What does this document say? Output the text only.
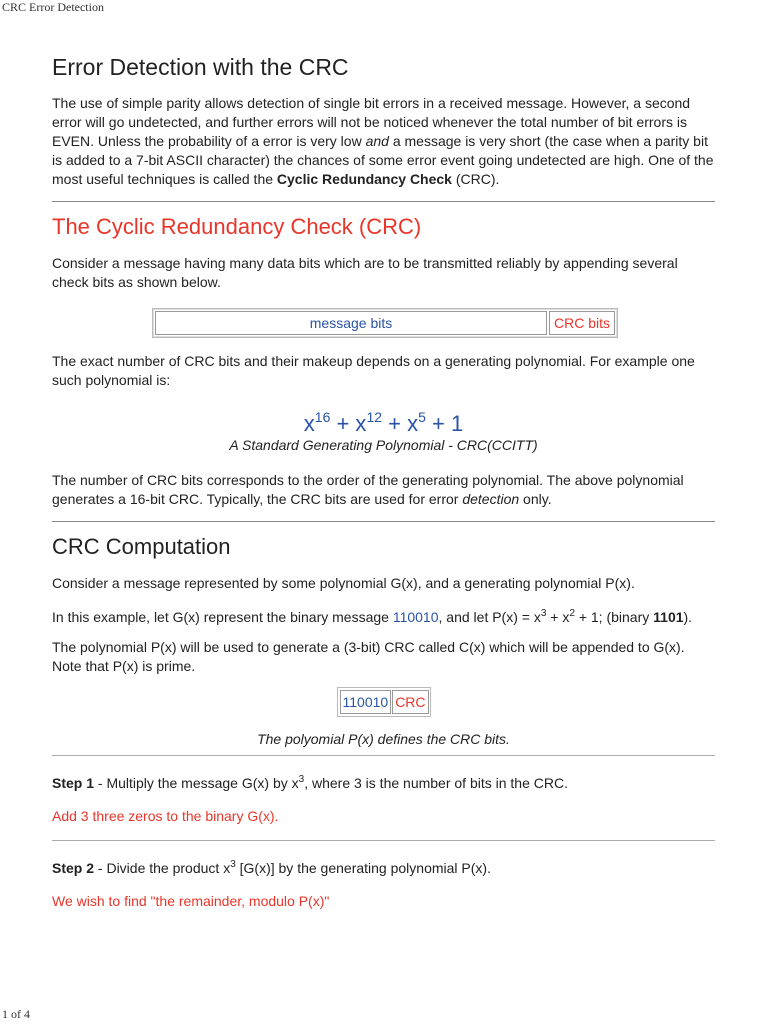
CRC Error Detection
Error Detection with the CRC

The use of simple parity allows detection of single bit errors in a received message. However, a second error will go undetected, and further errors will not be noticed whenever the total number of bit errors is EVEN. Unless the probability of a error is very low and a message is very short (the case when a parity bit is added to a 7-bit ASCII character) the chances of some error event going undetected are high. One of the most useful techniques is called the Cyclic Redundancy Check (CRC).

The Cyclic Redundancy Check (CRC)

Consider a message having many data bits which are to be transmitted reliably by appending several check bits as shown below.

message bits	CRC bits

The exact number of CRC bits and their makeup depends on a generating polynomial. For example one such polynomial is:

$x^{16} + x^{12} + x^5 + 1$
A Standard Generating Polynomial - CRC(CCITT)

The number of CRC bits corresponds to the order of the generating polynomial. The above polynomial generates a 16-bit CRC. Typically, the CRC bits are used for error detection only.

CRC Computation

Consider a message represented by some polynomial G(x), and a generating polynomial P(x).

In this example, let G(x) represent the binary message 110010, and let $P(x) = x^3 + x^2 + 1$; (binary 1101).

The polynomial P(x) will be used to generate a (3-bit) CRC called C(x) which will be appended to G(x). Note that P(x) is prime.

110010 CRC
The polyomial P(x) defines the CRC bits.

Step 1 - Multiply the message G(x) by $x^3$, where 3 is the number of bits in the CRC.

Add 3 three zeros to the binary G(x).

Step 2 - Divide the product $x^3$ [G(x)] by the generating polynomial P(x).

We wish to find "the remainder, modulo P(x)"

1 of 4
